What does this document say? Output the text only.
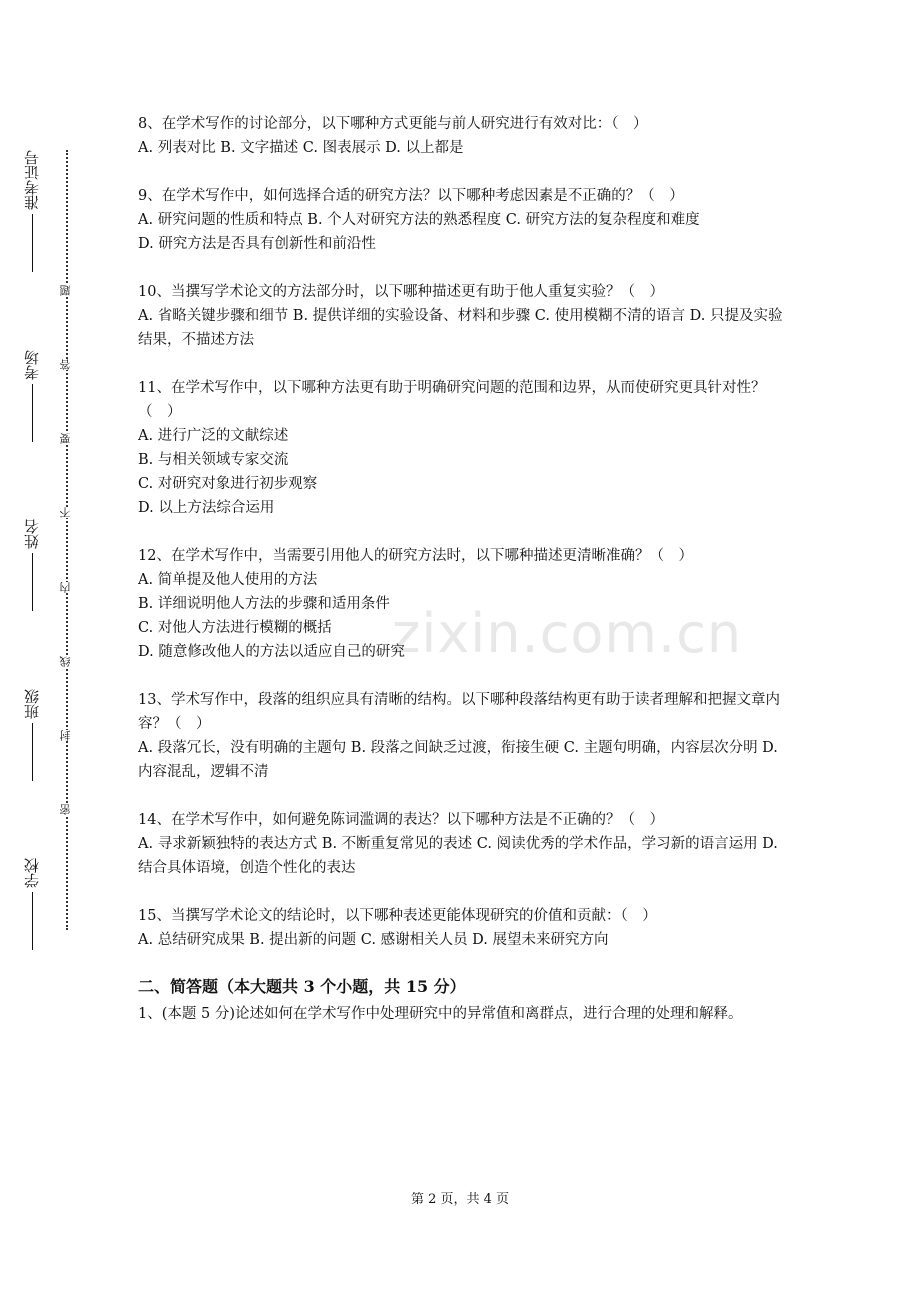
准考证号
考场
姓名
班级
学校
题
答
要
不
内
线
封
密
zixin.com.cn

8、在学术写作的讨论部分，以下哪种方式更能与前人研究进行有效对比：（　）

A. 列表对比 B. 文字描述 C. 图表展示 D. 以上都是

9、在学术写作中，如何选择合适的研究方法？以下哪种考虑因素是不正确的？（　）

A. 研究问题的性质和特点 B. 个人对研究方法的熟悉程度 C. 研究方法的复杂程度和难度

D. 研究方法是否具有创新性和前沿性

10、当撰写学术论文的方法部分时，以下哪种描述更有助于他人重复实验？（　）

A. 省略关键步骤和细节 B. 提供详细的实验设备、材料和步骤 C. 使用模糊不清的语言 D. 只提及实验结果，不描述方法

11、在学术写作中，以下哪种方法更有助于明确研究问题的范围和边界，从而使研究更具针对性？（　）

A. 进行广泛的文献综述

B. 与相关领域专家交流

C. 对研究对象进行初步观察

D. 以上方法综合运用

12、在学术写作中，当需要引用他人的研究方法时，以下哪种描述更清晰准确？（　）

A. 简单提及他人使用的方法

B. 详细说明他人方法的步骤和适用条件

C. 对他人方法进行模糊的概括

D. 随意修改他人的方法以适应自己的研究

13、学术写作中，段落的组织应具有清晰的结构。以下哪种段落结构更有助于读者理解和把握文章内容？（　）

A. 段落冗长，没有明确的主题句 B. 段落之间缺乏过渡，衔接生硬 C. 主题句明确，内容层次分明 D. 内容混乱，逻辑不清

14、在学术写作中，如何避免陈词滥调的表达？以下哪种方法是不正确的？（　）

A. 寻求新颖独特的表达方式 B. 不断重复常见的表述 C. 阅读优秀的学术作品，学习新的语言运用 D. 结合具体语境，创造个性化的表达

15、当撰写学术论文的结论时，以下哪种表述更能体现研究的价值和贡献：（　）

A. 总结研究成果 B. 提出新的问题 C. 感谢相关人员 D. 展望未来研究方向

二、简答题（本大题共 3 个小题，共 15 分）

1、(本题 5 分)论述如何在学术写作中处理研究中的异常值和离群点，进行合理的处理和解释。

第 2 页，共 4 页
